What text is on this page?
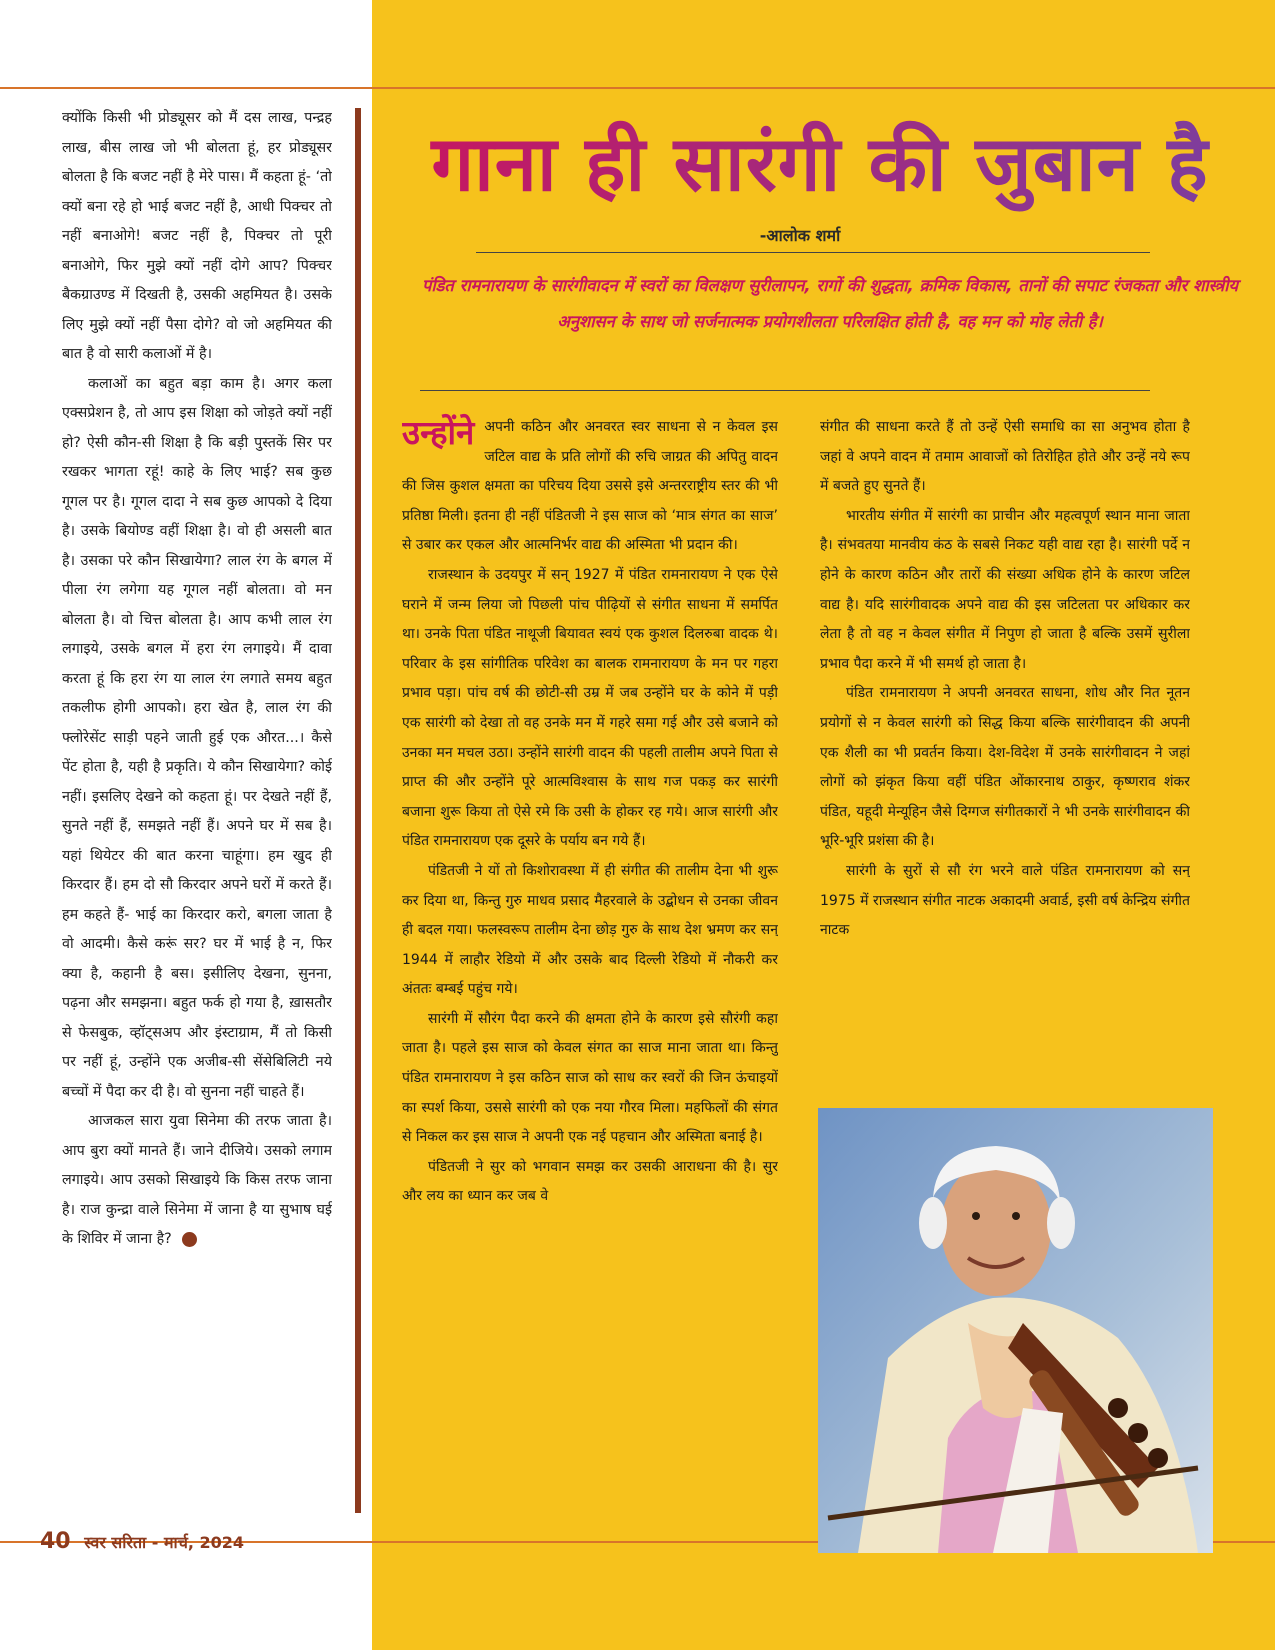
क्योंकि किसी भी प्रोड्यूसर को मैं दस लाख, पन्द्रह लाख, बीस लाख जो भी बोलता हूं, हर प्रोड्यूसर बोलता है कि बजट नहीं है मेरे पास। मैं कहता हूं- ‘तो क्यों बना रहे हो भाई बजट नहीं है, आधी पिक्चर तो नहीं बनाओगे! बजट नहीं है, पिक्चर तो पूरी बनाओगे, फिर मुझे क्यों नहीं दोगे आप? पिक्चर बैकग्राउण्ड में दिखती है, उसकी अहमियत है। उसके लिए मुझे क्यों नहीं पैसा दोगे? वो जो अहमियत की बात है वो सारी कलाओं में है।

कलाओं का बहुत बड़ा काम है। अगर कला एक्सप्रेशन है, तो आप इस शिक्षा को जोड़ते क्यों नहीं हो? ऐसी कौन-सी शिक्षा है कि बड़ी पुस्तकें सिर पर रखकर भागता रहूं! काहे के लिए भाई? सब कुछ गूगल पर है। गूगल दादा ने सब कुछ आपको दे दिया है। उसके बियोण्ड वहीं शिक्षा है। वो ही असली बात है। उसका परे कौन सिखायेगा? लाल रंग के बगल में पीला रंग लगेगा यह गूगल नहीं बोलता। वो मन बोलता है। वो चित्त बोलता है। आप कभी लाल रंग लगाइये, उसके बगल में हरा रंग लगाइये। मैं दावा करता हूं कि हरा रंग या लाल रंग लगाते समय बहुत तकलीफ होगी आपको। हरा खेत है, लाल रंग की फ्लोरेसेंट साड़ी पहने जाती हुई एक औरत...। कैसे पेंट होता है, यही है प्रकृति। ये कौन सिखायेगा? कोई नहीं। इसलिए देखने को कहता हूं। पर देखते नहीं हैं, सुनते नहीं हैं, समझते नहीं हैं। अपने घर में सब है। यहां थियेटर की बात करना चाहूंगा। हम खुद ही किरदार हैं। हम दो सौ किरदार अपने घरों में करते हैं। हम कहते हैं- भाई का किरदार करो, बगला जाता है वो आदमी। कैसे करूं सर? घर में भाई है न, फिर क्या है, कहानी है बस। इसीलिए देखना, सुनना, पढ़ना और समझना। बहुत फर्क हो गया है, ख़ासतौर से फेसबुक, व्हॉट्सअप और इंस्टाग्राम, मैं तो किसी पर नहीं हूं, उन्होंने एक अजीब-सी सेंसेबिलिटी नये बच्चों में पैदा कर दी है। वो सुनना नहीं चाहते हैं।

आजकल सारा युवा सिनेमा की तरफ जाता है। आप बुरा क्यों मानते हैं। जाने दीजिये। उसको लगाम लगाइये। आप उसको सिखाइये कि किस तरफ जाना है। राज कुन्द्रा वाले सिनेमा में जाना है या सुभाष घई के शिविर में जाना है?

गाना ही सारंगी की जुबान है
-आलोक शर्मा

पंडित रामनारायण के सारंगीवादन में स्वरों का विलक्षण सुरीलापन, रागों की शुद्धता, क्रमिक विकास, तानों की सपाट रंजकता और शास्त्रीय अनुशासन के साथ जो सर्जनात्मक प्रयोगशीलता परिलक्षित होती है, वह मन को मोह लेती है।

उन्होंने अपनी कठिन और अनवरत स्वर साधना से न केवल इस जटिल वाद्य के प्रति लोगों की रुचि जाग्रत की अपितु वादन की जिस कुशल क्षमता का परिचय दिया उससे इसे अन्तरराष्ट्रीय स्तर की भी प्रतिष्ठा मिली। इतना ही नहीं पंडितजी ने इस साज को ‘मात्र संगत का साज’ से उबार कर एकल और आत्मनिर्भर वाद्य की अस्मिता भी प्रदान की।

राजस्थान के उदयपुर में सन् 1927 में पंडित रामनारायण ने एक ऐसे घराने में जन्म लिया जो पिछली पांच पीढ़ियों से संगीत साधना में समर्पित था। उनके पिता पंडित नाथूजी बियावत स्वयं एक कुशल दिलरुबा वादक थे। परिवार के इस सांगीतिक परिवेश का बालक रामनारायण के मन पर गहरा प्रभाव पड़ा। पांच वर्ष की छोटी-सी उम्र में जब उन्होंने घर के कोने में पड़ी एक सारंगी को देखा तो वह उनके मन में गहरे समा गई और उसे बजाने को उनका मन मचल उठा। उन्होंने सारंगी वादन की पहली तालीम अपने पिता से प्राप्त की और उन्होंने पूरे आत्मविश्वास के साथ गज पकड़ कर सारंगी बजाना शुरू किया तो ऐसे रमे कि उसी के होकर रह गये। आज सारंगी और पंडित रामनारायण एक दूसरे के पर्याय बन गये हैं।

पंडितजी ने यों तो किशोरावस्था में ही संगीत की तालीम देना भी शुरू कर दिया था, किन्तु गुरु माधव प्रसाद मैहरवाले के उद्बोधन से उनका जीवन ही बदल गया। फलस्वरूप तालीम देना छोड़ गुरु के साथ देश भ्रमण कर सन् 1944 में लाहौर रेडियो में और उसके बाद दिल्ली रेडियो में नौकरी कर अंततः बम्बई पहुंच गये।

सारंगी में सौरंग पैदा करने की क्षमता होने के कारण इसे सौरंगी कहा जाता है। पहले इस साज को केवल संगत का साज माना जाता था। किन्तु पंडित रामनारायण ने इस कठिन साज को साध कर स्वरों की जिन ऊंचाइयों का स्पर्श किया, उससे सारंगी को एक नया गौरव मिला। महफिलों की संगत से निकल कर इस साज ने अपनी एक नई पहचान और अस्मिता बनाई है।

पंडितजी ने सुर को भगवान समझ कर उसकी आराधना की है। सुर और लय का ध्यान कर जब वे

संगीत की साधना करते हैं तो उन्हें ऐसी समाधि का सा अनुभव होता है जहां वे अपने वादन में तमाम आवाजों को तिरोहित होते और उन्हें नये रूप में बजते हुए सुनते हैं।

भारतीय संगीत में सारंगी का प्राचीन और महत्वपूर्ण स्थान माना जाता है। संभवतया मानवीय कंठ के सबसे निकट यही वाद्य रहा है। सारंगी पर्दे न होने के कारण कठिन और तारों की संख्या अधिक होने के कारण जटिल वाद्य है। यदि सारंगीवादक अपने वाद्य की इस जटिलता पर अधिकार कर लेता है तो वह न केवल संगीत में निपुण हो जाता है बल्कि उसमें सुरीला प्रभाव पैदा करने में भी समर्थ हो जाता है।

पंडित रामनारायण ने अपनी अनवरत साधना, शोध और नित नूतन प्रयोगों से न केवल सारंगी को सिद्ध किया बल्कि सारंगीवादन की अपनी एक शैली का भी प्रवर्तन किया। देश-विदेश में उनके सारंगीवादन ने जहां लोगों को झंकृत किया वहीं पंडित ओंकारनाथ ठाकुर, कृष्णराव शंकर पंडित, यहूदी मेन्यूहिन जैसे दिग्गज संगीतकारों ने भी उनके सारंगीवादन की भूरि-भूरि प्रशंसा की है।

सारंगी के सुरों से सौ रंग भरने वाले पंडित रामनारायण को सन् 1975 में राजस्थान संगीत नाटक अकादमी अवार्ड, इसी वर्ष केन्द्रिय संगीत नाटक

40 स्वर सरिता - मार्च, 2024
